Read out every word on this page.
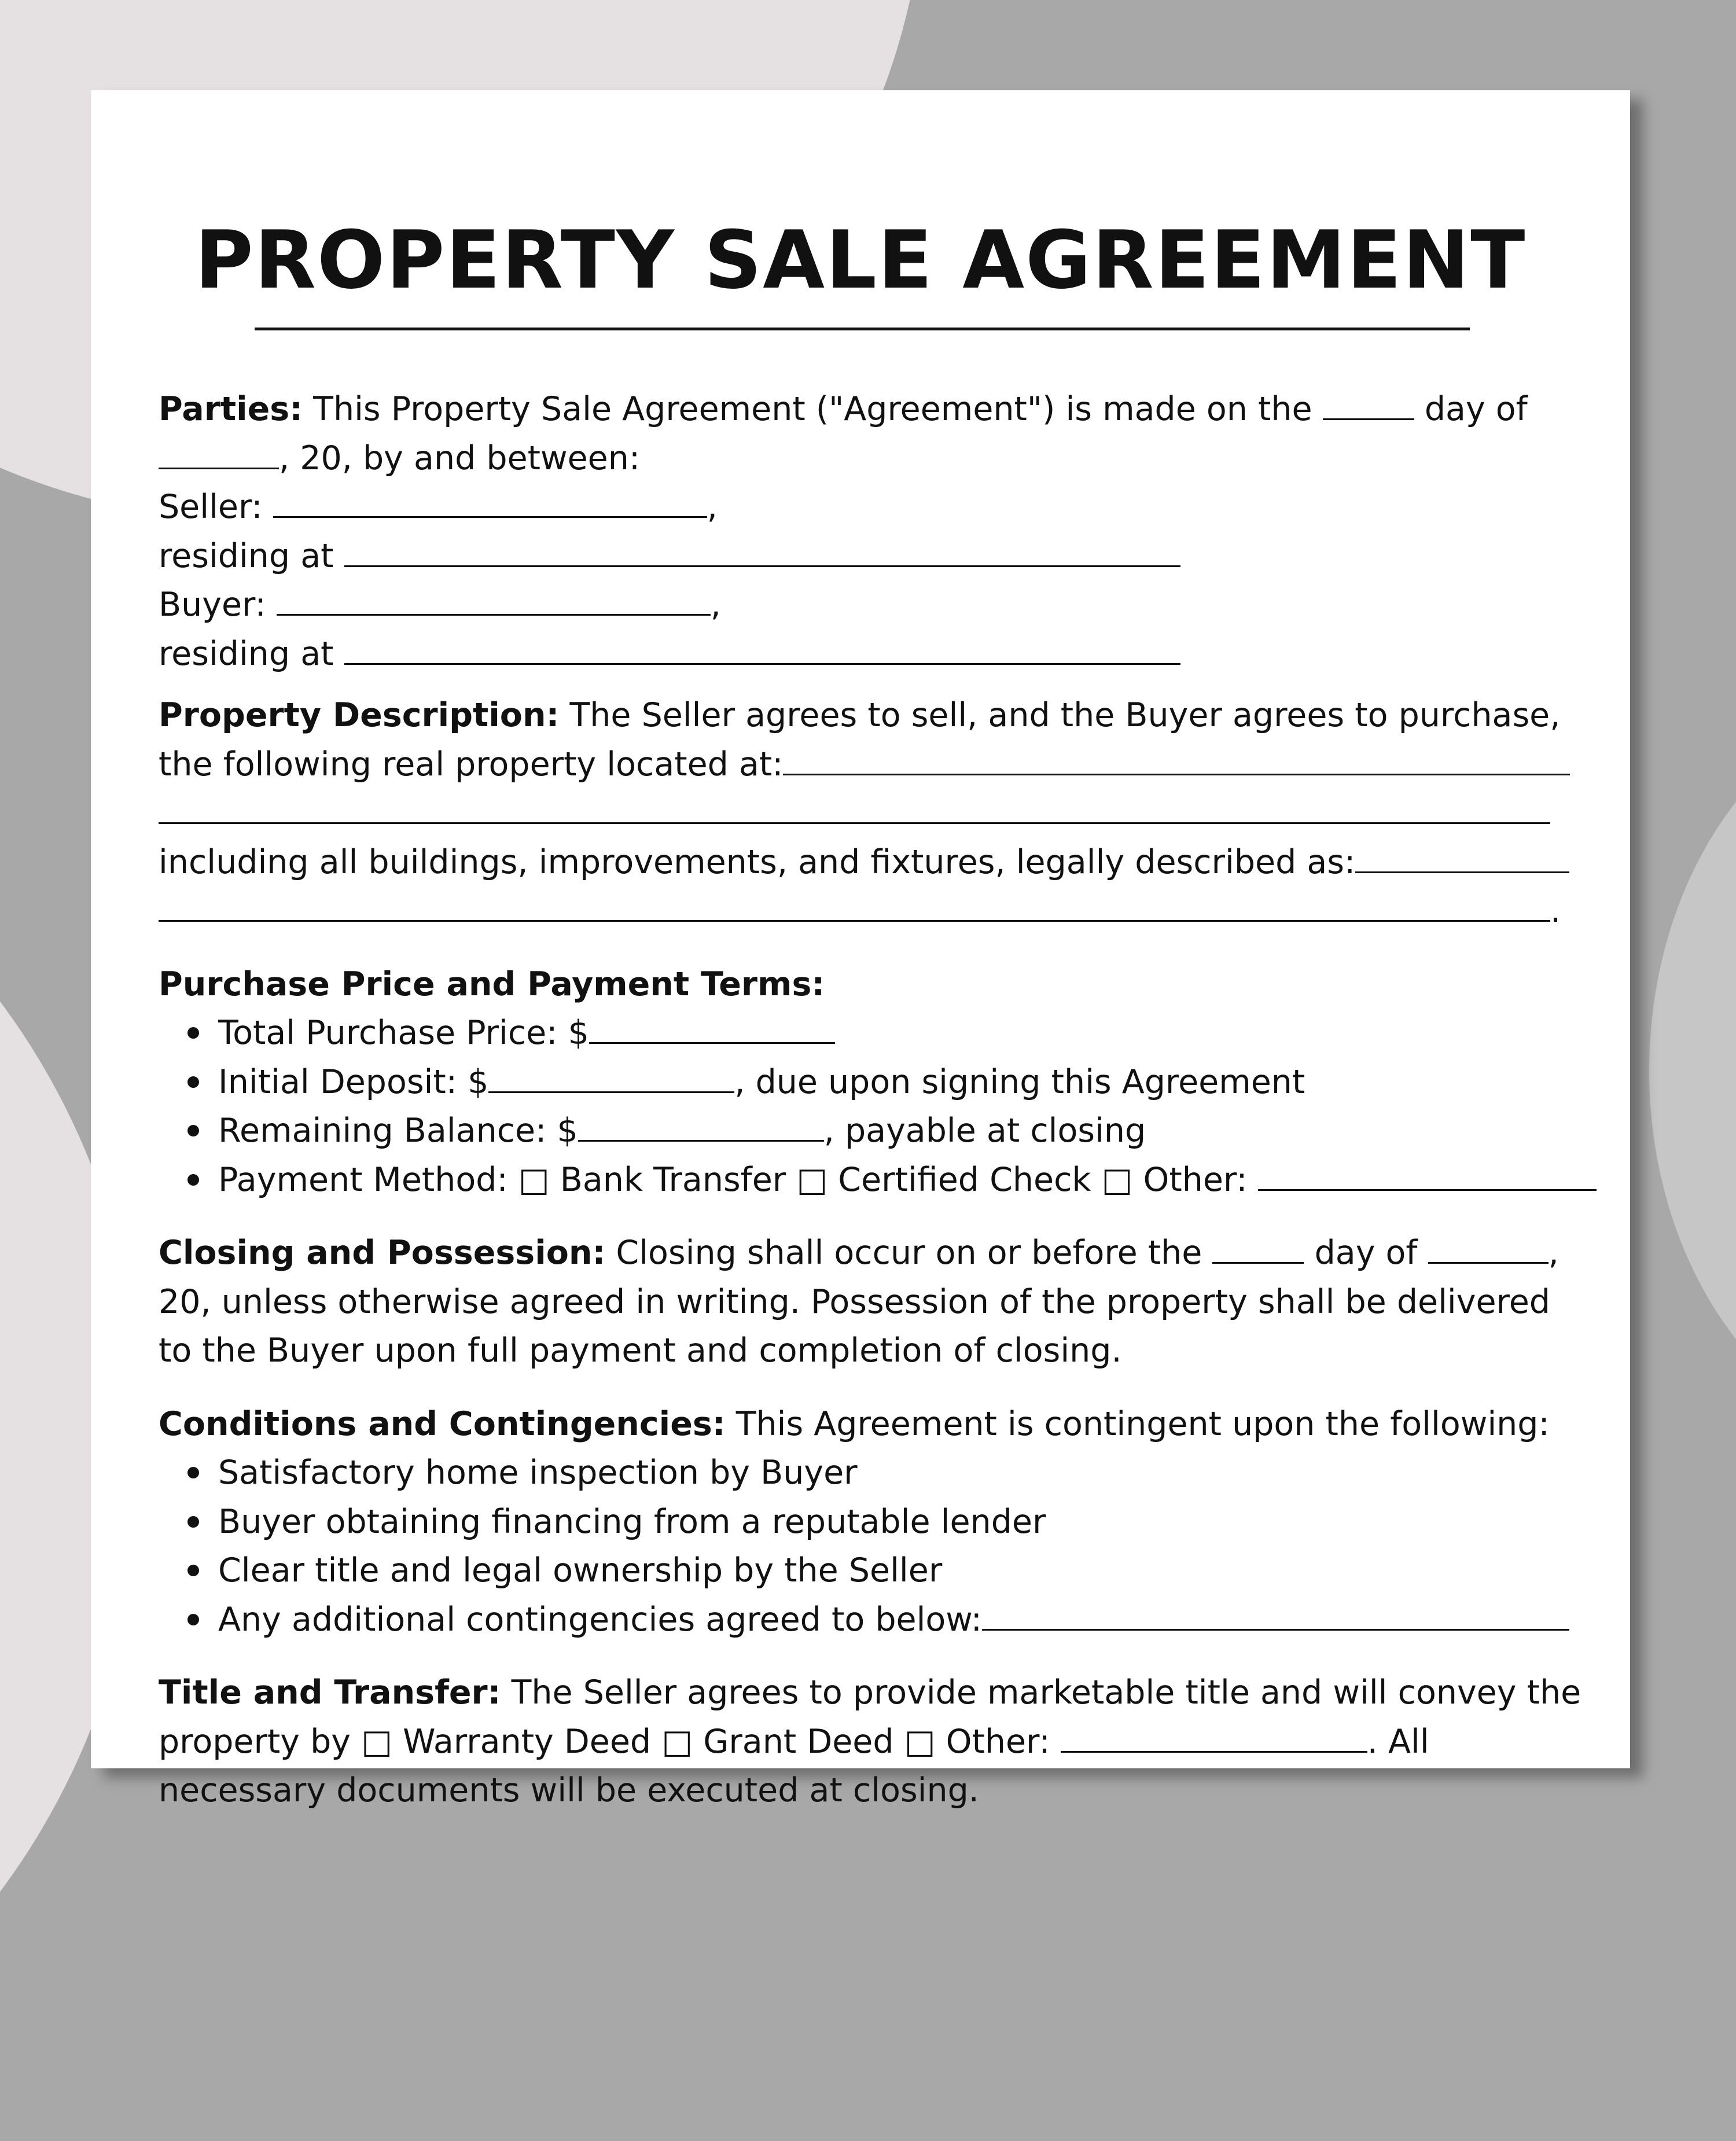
PROPERTY SALE AGREEMENT

Parties: This Property Sale Agreement ("Agreement") is made on the	day of

, 20, by and between:

Seller:	,

residing at

Buyer:	,

residing at

Property Description: The Seller agrees to sell, and the Buyer agrees to purchase,

the following real property located at:

including all buildings, improvements, and fixtures, legally described as:

.

Purchase Price and Payment Terms:

Total Purchase Price: $

Initial Deposit: $	, due upon signing this Agreement

Remaining Balance: $	, payable at closing

Payment Method: □ Bank Transfer □ Certified Check □ Other:

Closing and Possession: Closing shall occur on or before the	day of	,

20, unless otherwise agreed in writing. Possession of the property shall be delivered

to the Buyer upon full payment and completion of closing.

Conditions and Contingencies: This Agreement is contingent upon the following:

Satisfactory home inspection by Buyer

Buyer obtaining financing from a reputable lender

Clear title and legal ownership by the Seller

Any additional contingencies agreed to below:

Title and Transfer: The Seller agrees to provide marketable title and will convey the

property by □ Warranty Deed □ Grant Deed □ Other:	. All

necessary documents will be executed at closing.
